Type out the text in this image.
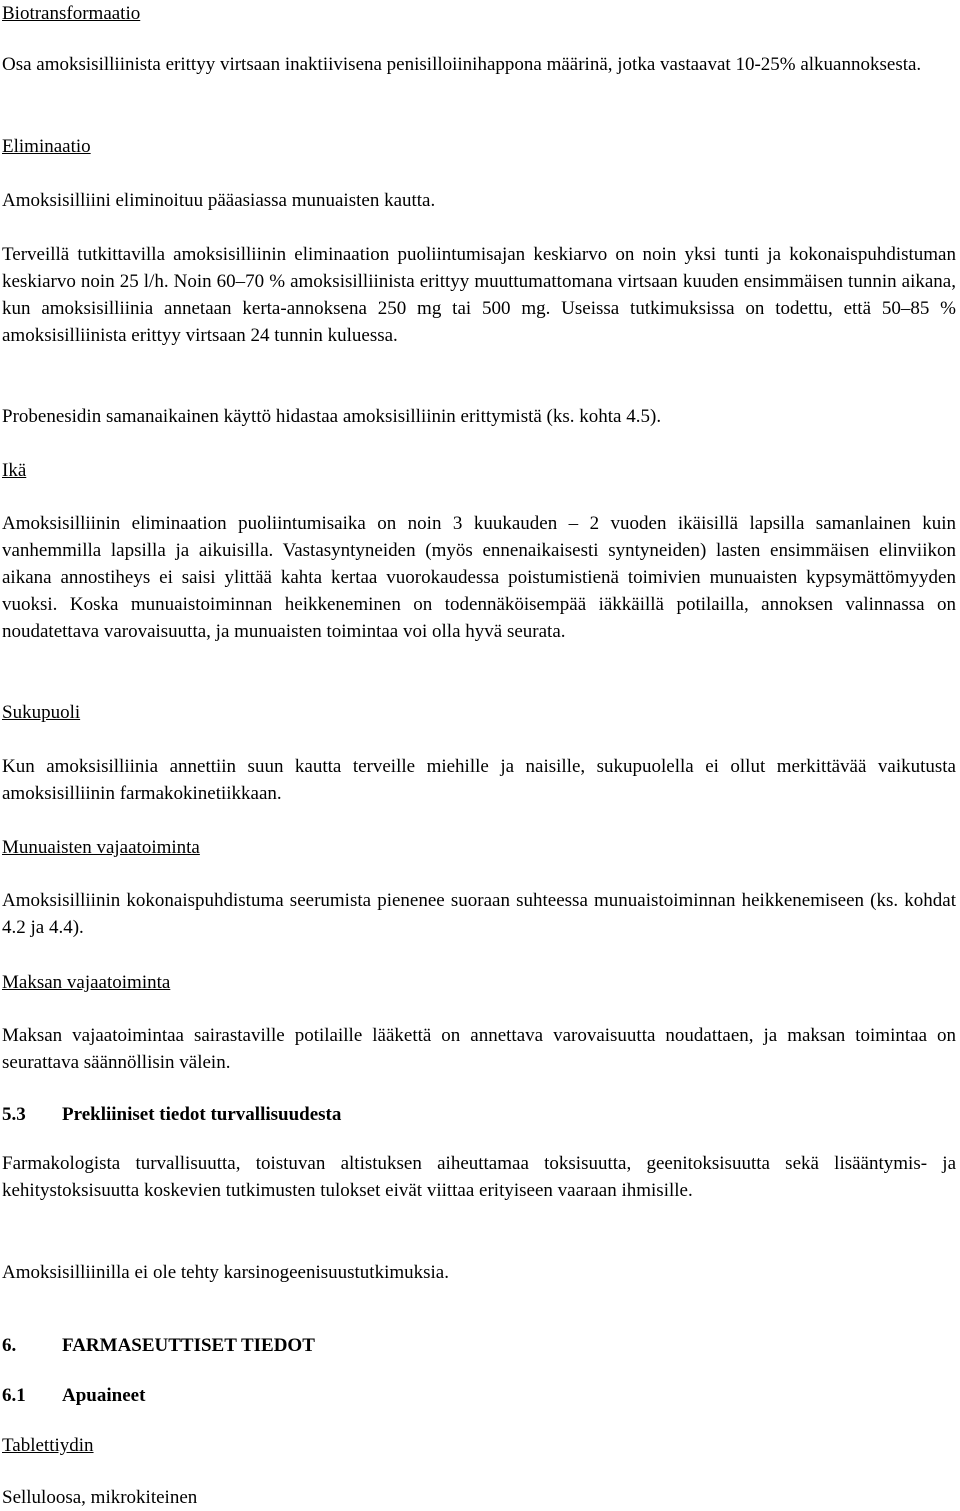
Biotransformaatio

Osa amoksisilliinista erittyy virtsaan inaktiivisena penisilloiinihappona määrinä, jotka vastaavat 10-25% alkuannoksesta.

Eliminaatio

Amoksisilliini eliminoituu pääasiassa munuaisten kautta.

Terveillä tutkittavilla amoksisilliinin eliminaation puoliintumisajan keskiarvo on noin yksi tunti ja kokonaispuhdistuman keskiarvo noin 25 l/h. Noin 60–70 % amoksisilliinista erittyy muuttumattomana virtsaan kuuden ensimmäisen tunnin aikana, kun amoksisilliinia annetaan kerta-annoksena 250 mg tai 500 mg. Useissa tutkimuksissa on todettu, että 50–85 % amoksisilliinista erittyy virtsaan 24 tunnin kuluessa.

Probenesidin samanaikainen käyttö hidastaa amoksisilliinin erittymistä (ks. kohta 4.5).

Ikä

Amoksisilliinin eliminaation puoliintumisaika on noin 3 kuukauden – 2 vuoden ikäisillä lapsilla samanlainen kuin vanhemmilla lapsilla ja aikuisilla. Vastasyntyneiden (myös ennenaikaisesti syntyneiden) lasten ensimmäisen elinviikon aikana annostiheys ei saisi ylittää kahta kertaa vuorokaudessa poistumistienä toimivien munuaisten kypsymättömyyden vuoksi. Koska munuaistoiminnan heikkeneminen on todennäköisempää iäkkäillä potilailla, annoksen valinnassa on noudatettava varovaisuutta, ja munuaisten toimintaa voi olla hyvä seurata.

Sukupuoli

Kun amoksisilliinia annettiin suun kautta terveille miehille ja naisille, sukupuolella ei ollut merkittävää vaikutusta amoksisilliinin farmakokinetiikkaan.

Munuaisten vajaatoiminta

Amoksisilliinin kokonaispuhdistuma seerumista pienenee suoraan suhteessa munuaistoiminnan heikkenemiseen (ks. kohdat 4.2 ja 4.4).

Maksan vajaatoiminta

Maksan vajaatoimintaa sairastaville potilaille lääkettä on annettava varovaisuutta noudattaen, ja maksan toimintaa on seurattava säännöllisin välein.

5.3 Prekliiniset tiedot turvallisuudesta

Farmakologista turvallisuutta, toistuvan altistuksen aiheuttamaa toksisuutta, geenitoksisuutta sekä lisääntymis- ja kehitystoksisuutta koskevien tutkimusten tulokset eivät viittaa erityiseen vaaraan ihmisille.

Amoksisilliinilla ei ole tehty karsinogeenisuustutkimuksia.

6. FARMASEUTTISET TIEDOT

6.1 Apuaineet

Tablettiydin

Selluloosa, mikrokiteinen
